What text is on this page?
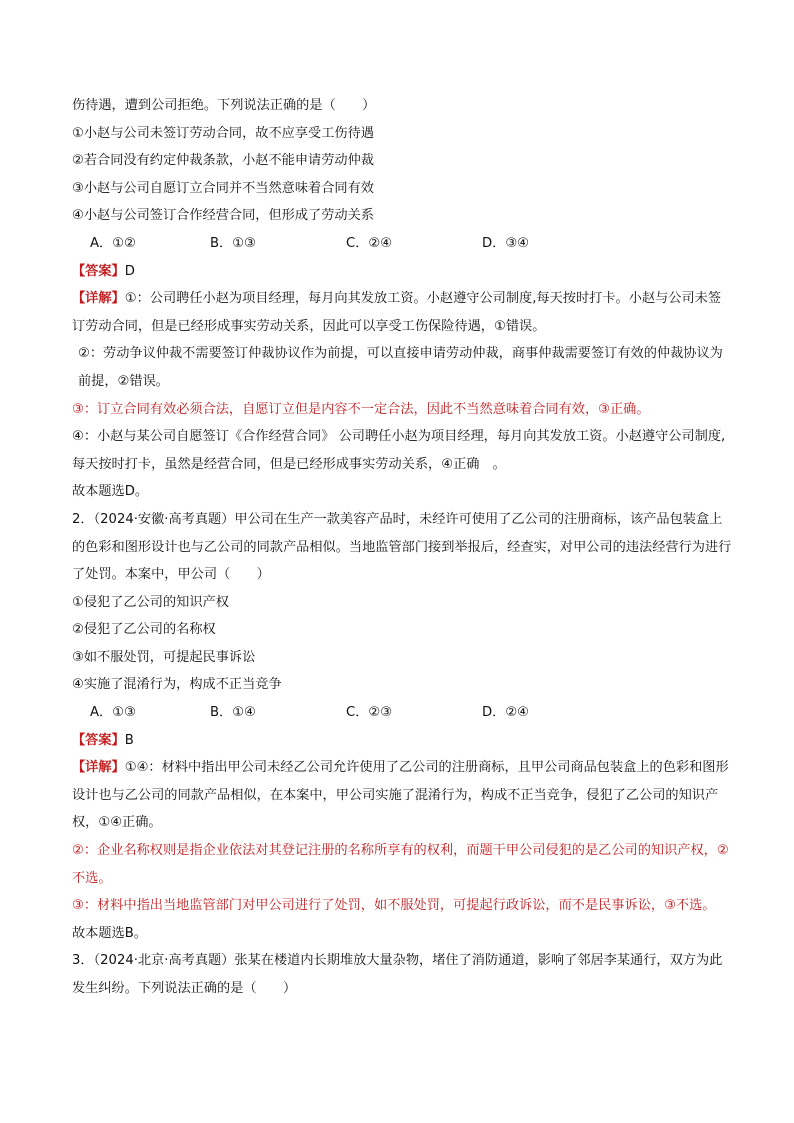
伤待遇，遭到公司拒绝。下列说法正确的是（　　）
①小赵与公司未签订劳动合同，故不应享受工伤待遇
②若合同没有约定仲裁条款，小赵不能申请劳动仲裁
③小赵与公司自愿订立合同并不当然意味着合同有效
④小赵与公司签订合作经营合同，但形成了劳动关系
A．①②	B．①③	C．②④	D．③④
【答案】D
【详解】①：公司聘任小赵为项目经理，每月向其发放工资。小赵遵守公司制度,每天按时打卡。小赵与公司未签订劳动合同，但是已经形成事实劳动关系，因此可以享受工伤保险待遇，①错误。
②：劳动争议仲裁不需要签订仲裁协议作为前提，可以直接申请劳动仲裁，商事仲裁需要签订有效的仲裁协议为前提，②错误。
③：订立合同有效必须合法，自愿订立但是内容不一定合法，因此不当然意味着合同有效，③正确。
④：小赵与某公司自愿签订《合作经营合同》 公司聘任小赵为项目经理，每月向其发放工资。小赵遵守公司制度,每天按时打卡，虽然是经营合同，但是已经形成事实劳动关系，④正确　。
故本题选D。
2．（2024·安徽·高考真题）甲公司在生产一款美容产品时，未经许可使用了乙公司的注册商标，该产品包装盒上的色彩和图形设计也与乙公司的同款产品相似。当地监管部门接到举报后，经查实，对甲公司的违法经营行为进行了处罚。本案中，甲公司（　　）
①侵犯了乙公司的知识产权
②侵犯了乙公司的名称权
③如不服处罚，可提起民事诉讼
④实施了混淆行为，构成不正当竞争
A．①③	B．①④	C．②③	D．②④
【答案】B
【详解】①④：材料中指出甲公司未经乙公司允许使用了乙公司的注册商标，且甲公司商品包装盒上的色彩和图形设计也与乙公司的同款产品相似，在本案中，甲公司实施了混淆行为，构成不正当竞争，侵犯了乙公司的知识产权，①④正确。
②：企业名称权则是指企业依法对其登记注册的名称所享有的权利，而题干甲公司侵犯的是乙公司的知识产权，②不选。
③：材料中指出当地监管部门对甲公司进行了处罚，如不服处罚，可提起行政诉讼，而不是民事诉讼，③不选。
故本题选B。
3．（2024·北京·高考真题）张某在楼道内长期堆放大量杂物，堵住了消防通道，影响了邻居李某通行，双方为此发生纠纷。下列说法正确的是（　　）
